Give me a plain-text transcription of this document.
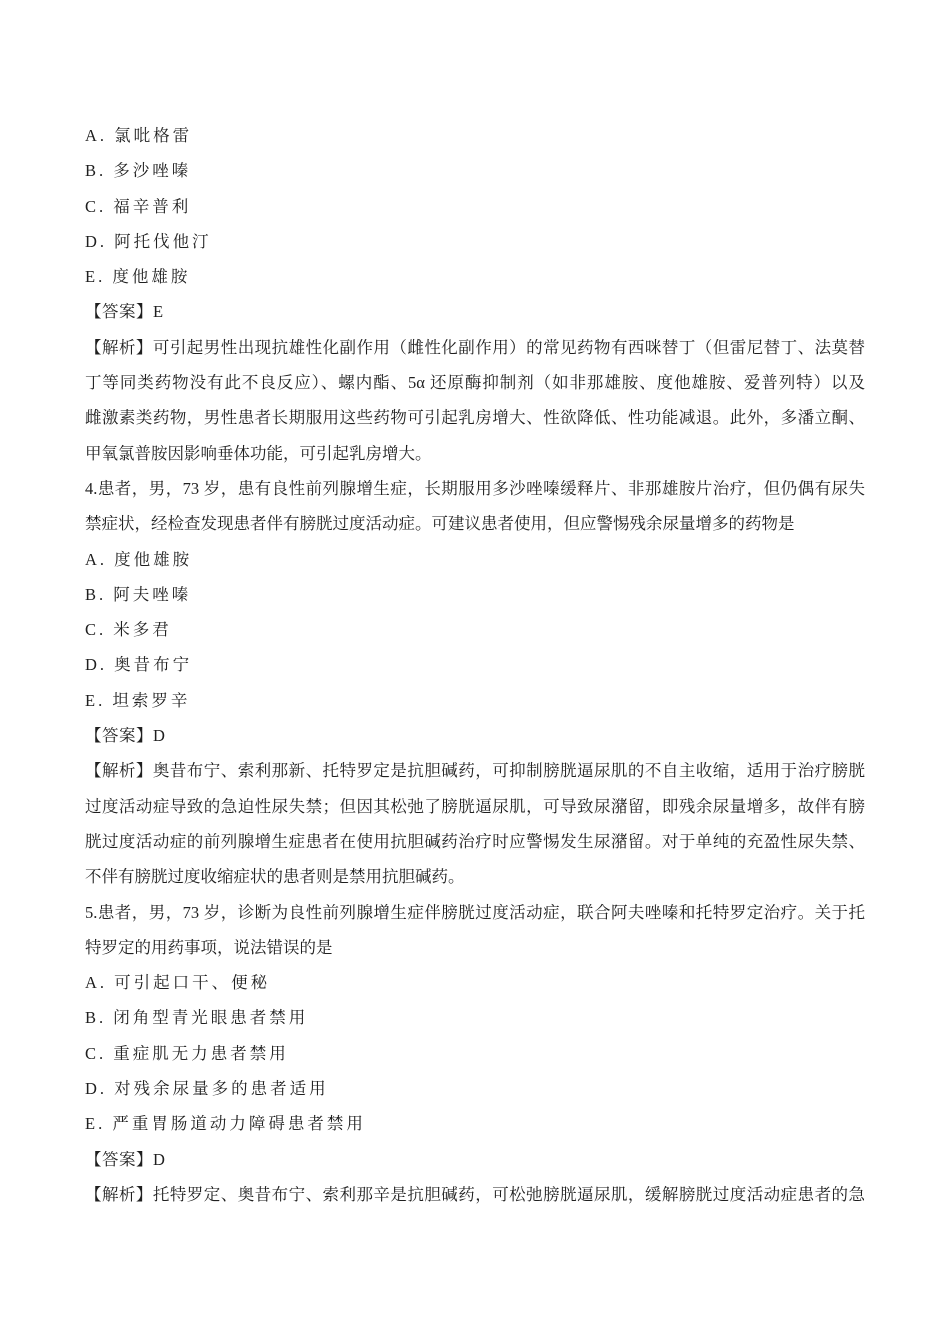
A. 氯吡格雷
B. 多沙唑嗪
C. 福辛普利
D. 阿托伐他汀
E. 度他雄胺
【答案】E
【解析】可引起男性出现抗雄性化副作用（雌性化副作用）的常见药物有西咪替丁（但雷尼替丁、法莫替
丁等同类药物没有此不良反应）、螺内酯、5α 还原酶抑制剂（如非那雄胺、度他雄胺、爱普列特）以及
雌激素类药物，男性患者长期服用这些药物可引起乳房增大、性欲降低、性功能减退。此外，多潘立酮、
甲氧氯普胺因影响垂体功能，可引起乳房增大。
4.患者，男，73 岁，患有良性前列腺增生症，长期服用多沙唑嗪缓释片、非那雄胺片治疗，但仍偶有尿失
禁症状，经检查发现患者伴有膀胱过度活动症。可建议患者使用，但应警惕残余尿量增多的药物是
A. 度他雄胺
B. 阿夫唑嗪
C. 米多君
D. 奥昔布宁
E. 坦索罗辛
【答案】D
【解析】奥昔布宁、索利那新、托特罗定是抗胆碱药，可抑制膀胱逼尿肌的不自主收缩，适用于治疗膀胱
过度活动症导致的急迫性尿失禁；但因其松弛了膀胱逼尿肌，可导致尿潴留，即残余尿量增多，故伴有膀
胱过度活动症的前列腺增生症患者在使用抗胆碱药治疗时应警惕发生尿潴留。对于单纯的充盈性尿失禁、
不伴有膀胱过度收缩症状的患者则是禁用抗胆碱药。
5.患者，男，73 岁，诊断为良性前列腺增生症伴膀胱过度活动症，联合阿夫唑嗪和托特罗定治疗。关于托
特罗定的用药事项，说法错误的是
A. 可引起口干、便秘
B. 闭角型青光眼患者禁用
C. 重症肌无力患者禁用
D. 对残余尿量多的患者适用
E. 严重胃肠道动力障碍患者禁用
【答案】D
【解析】托特罗定、奥昔布宁、索利那辛是抗胆碱药，可松弛膀胱逼尿肌，缓解膀胱过度活动症患者的急
